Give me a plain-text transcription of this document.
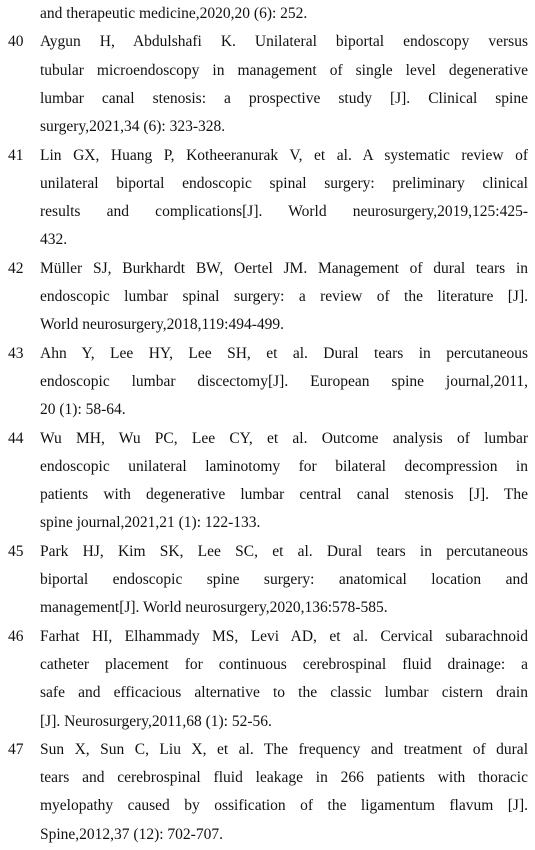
and therapeutic medicine,2020,20 (6): 252.
40 Aygun H, Abdulshafi K. Unilateral biportal endoscopy versus
tubular microendoscopy in management of single level degenerative
lumbar canal stenosis: a prospective study [J]. Clinical spine
surgery,2021,34 (6): 323-328.
41 Lin GX, Huang P, Kotheeranurak V, et al. A systematic review of
unilateral biportal endoscopic spinal surgery: preliminary clinical
results and complications[J]. World neurosurgery,2019,125:425-
432.
42 Müller SJ, Burkhardt BW, Oertel JM. Management of dural tears in
endoscopic lumbar spinal surgery: a review of the literature [J].
World neurosurgery,2018,119:494-499.
43 Ahn Y, Lee HY, Lee SH, et al. Dural tears in percutaneous
endoscopic lumbar discectomy[J]. European spine journal,2011,
20 (1): 58-64.
44 Wu MH, Wu PC, Lee CY, et al. Outcome analysis of lumbar
endoscopic unilateral laminotomy for bilateral decompression in
patients with degenerative lumbar central canal stenosis [J]. The
spine journal,2021,21 (1): 122-133.
45 Park HJ, Kim SK, Lee SC, et al. Dural tears in percutaneous
biportal endoscopic spine surgery: anatomical location and
management[J]. World neurosurgery,2020,136:578-585.
46 Farhat HI, Elhammady MS, Levi AD, et al. Cervical subarachnoid
catheter placement for continuous cerebrospinal fluid drainage: a
safe and efficacious alternative to the classic lumbar cistern drain
[J]. Neurosurgery,2011,68 (1): 52-56.
47 Sun X, Sun C, Liu X, et al. The frequency and treatment of dural
tears and cerebrospinal fluid leakage in 266 patients with thoracic
myelopathy caused by ossification of the ligamentum flavum [J].
Spine,2012,37 (12): 702-707.
